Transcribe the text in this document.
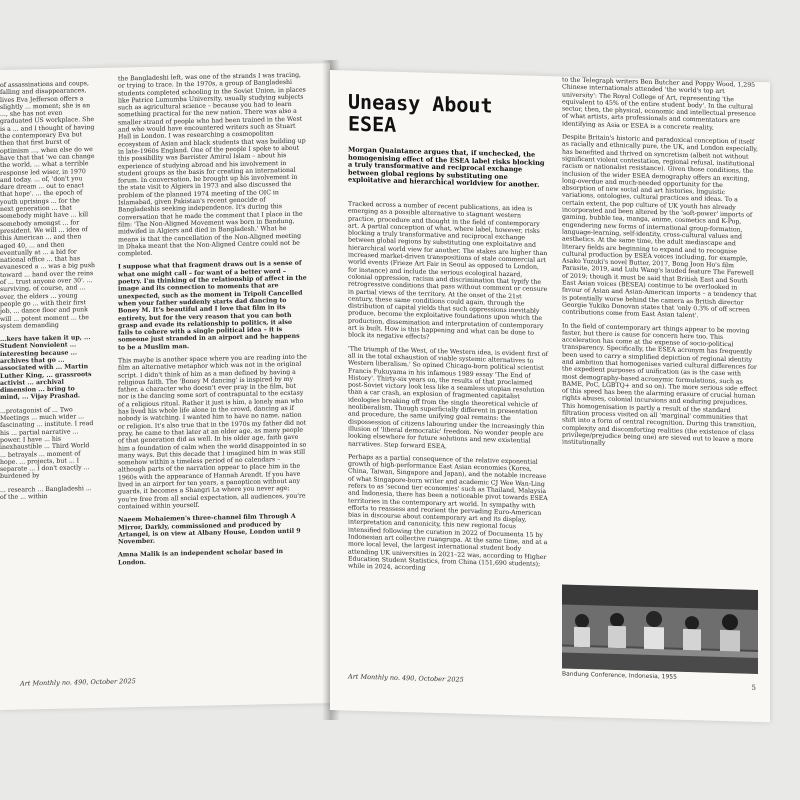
of assassinations and coups, falling and disappearances, lives Eva Jefferson offers a slightly ... moment; she is an ..., she has not even graduated US workplace. She is a ... and I thought of having the contemporary Eva but then that first burst of optimism ..., when else do we have that that 'we can change the world, ... what a terrible response led wiser, in 1970 and today. ... of, 'don't you dare dream ... out to enact that hope'. ... the epoch of youth uprisings ... for the next generation ... that somebody might have ... kill somebody amongst ... for president. We will ... idea of this American ... and then aged 40, ... and then eventually at ... a bid for national office ... that has evanesced a ... was a big push toward ... hand over the reins of ... trust anyone over 30'. ... surviving, of course, and ... over, the elders ... young people go ... with their first job, ... dance floor and punk will ... potent moment ... the system demanding

...kers have taken it up, ... Student Nonviolent ... interesting because ... archives that go ... associated with ... Martin Luther King, ... grassroots activist ... archival dimension ... bring to mind, ... Vijay Prashad.

...protagonist of ... Two Meetings ... much wider ... fascinating ... institute. I read his ... partial narrative ... power. I have ... his inexhaustible ... Third World ... betrayals ... moment of hope. ... projects, but ... I separate ... I don't exactly ... burdened by

... research ... Bangladeshi ... of the ... within

the Bangladeshi left, was one of the strands I was tracing, or trying to trace. In the 1970s, a group of Bangladeshi students completed schooling in the Soviet Union, in places like Patrice Lumumba University, usually studying subjects such as agricultural science – because you had to learn something practical for the new nation. There was also a smaller strand of people who had been trained in the West and who would have encountered writers such as Stuart Hall in London. I was researching a cosmopolitan ecosystem of Asian and black students that was building up in late-1960s England. One of the people I spoke to about this possibility was Barrister Amirul Islam – about his experience of studying abroad and his involvement in student groups as the basis for creating an international forum. In conversation, he brought up his involvement in the state visit to Algiers in 1973 and also discussed the problem of the planned 1974 meeting of the OIC in Islamabad, given Pakistan's recent genocide of Bangladeshis seeking independence. It's during this conversation that he made the comment that I place in the film: 'The Non-Aligned Movement was born in Bandung, midwifed in Algiers and died in Bangladesh.' What he means is that the cancellation of the Non-Aligned meeting in Dhaka meant that the Non-Aligned Centre could not be completed.

I suppose what that fragment draws out is a sense of what one might call – for want of a better word – poetry. I'm thinking of the relationship of affect in the image and its connection to moments that are unexpected, such as the moment in Tripoli Cancelled when your father suddenly starts dad dancing to Boney M. It's beautiful and I love that film in its entirety, but for the very reason that you can both grasp and evade its relationship to politics, it also fails to cohere with a single political idea – it is someone just stranded in an airport and he happens to be a Muslim man.

This maybe is another space where you are reading into the film an alternative metaphor which was not in the original script. I didn't think of him as a man defined by having a religious faith. The 'Boney M dancing' is inspired by my father, a character who doesn't ever pray in the film, but nor is the dancing some sort of contrapuntal to the ecstasy of a religious ritual. Rather it just is him, a lonely man who has lived his whole life alone in the crowd, dancing as if nobody is watching. I wanted him to have no name, nation or religion. It's also true that in the 1970s my father did not pray, he came to that later at an older age, as many people of that generation did as well. In his older age, faith gave him a foundation of calm when the world disappointed in so many ways. But this decade that I imagined him in was still somehow within a timeless period of no calendars – although parts of the narration appear to place him in the 1960s with the appearance of Hannah Arendt. If you have lived in an airport for ten years, a panopticon without any guards, it becomes a Shangri La where you never age; you're free from all social expectation, all audiences, you're contained within yourself.

Naeem Mohaiemen's three-channel film Through A Mirror, Darkly, commissioned and produced by Artangel, is on view at Albany House, London until 9 November.

Amna Malik is an independent scholar based in London.

Art Monthly no. 490, October 2025
Uneasy About ESEA
Morgan Quaintance argues that, if unchecked, the homogenising effect of the ESEA label risks blocking a truly transformative and reciprocal exchange between global regions by substituting one exploitative and hierarchical worldview for another.

Tracked across a number of recent publications, an idea is emerging as a possible alternative to stagnant western practice, procedure and thought in the field of contemporary art. A partial conception of what, where label, however, risks blocking a truly transformative and reciprocal exchange between global regions by substituting one exploitative and hierarchical world view for another. The stakes are higher than increased market-driven transpositions of stale commercial art world events (Frieze Art Fair in Seoul as opposed to London, for instance) and include the serious ecological hazard, colonial oppression, racism and discrimination that typify the retrogressive conditions that pass without comment or censure in partial views of the territory. At the onset of the 21st century, these same conditions could again, through the distribution of capital yields that such oppressions inevitably produce, become the exploitative foundations upon which the production, dissemination and interpretation of contemporary art is built. How is this happening and what can be done to block its negative effects?

'The triumph of the West, of the Western idea, is evident first of all in the total exhaustion of viable systemic alternatives to Western liberalism.' So opined Chicago-born political scientist Francis Fukuyama in his infamous 1989 essay 'The End of History'. Thirty-six years on, the results of that proclaimed post-Soviet victory look less like a seamless utopian resolution than a car crash, an explosion of fragmented capitalist ideologies breaking off from the single theoretical vehicle of neoliberalism. Though superficially different in presentation and procedure, the same unifying goal remains: the dispossession of citizens labouring under the increasingly thin illusion of 'liberal democratic' freedom. No wonder people are looking elsewhere for future solutions and new existential narratives. Step forward ESEA.

Perhaps as a partial consequence of the relative exponential growth of high-performance East Asian economies (Korea, China, Taiwan, Singapore and Japan), and the notable increase of what Singapore-born writer and academic CJ Wee Wan-Ling refers to as 'second tier economies' such as Thailand, Malaysia and Indonesia, there has been a noticeable pivot towards ESEA territories in the contemporary art world. In sympathy with efforts to reassess and reorient the pervading Euro-American bias in discourse about contemporary art and its display, interpretation and canonicity, this new regional focus intensified following the curation in 2022 of Documenta 15 by Indonesian art collective ruangrupa. At the same time, and at a more local level, the largest international student body attending UK universities in 2021–22 was, according to Higher Education Student Statistics, from China (151,690 students); while in 2024, according

to the Telegraph writers Ben Butcher and Poppy Wood, 1,295 Chinese internationals attended 'the world's top art university': The Royal College of Art, representing 'the equivalent to 45% of the entire student body'. In the cultural sector, then, the physical, economic and intellectual presence of what artists, arts professionals and commentators are identifying as Asia or ESEA is a concrete reality.

Despite Britain's historic and paradoxical conception of itself as racially and ethnically pure, the UK, and London especially, has benefited and thrived on syncretism (albeit not without significant violent contestation, regional refusal, institutional racism or nationalist resistance). Given those conditions, the inclusion of the wider ESEA demography offers an exciting, long-overdue and much-needed opportunity for the absorption of new social and art histories, linguistic variations, ontologies, cultural practices and ideas. To a certain extent, the pop culture of UK youth has already incorporated and been altered by the 'soft-power' imports of gaming, bubble tea, manga, anime, cosmetics and K-Pop, engendering new forms of international group-formation, language-learning, self-identity, cross-cultural values and aesthetics. At the same time, the adult mediascape and literary fields are beginning to expand and to recognise cultural production by ESEA voices including, for example, Asako Yuzuki's novel Butter, 2017, Bong Joon Ho's film Parasite, 2019, and Lulu Wang's lauded feature The Farewell of 2019; though it must be said that British East and South East Asian voices (BESEA) continue to be overlooked in favour of Asian and Asian-American imports – a tendency that is potentially worse behind the camera as British director Georgie Yukiko Donovan states that 'only 0.3% of off screen contributions come from East Asian talent'.

In the field of contemporary art things appear to be moving faster, but there is cause for concern here too. This acceleration has come at the expense of socio-political transparency. Specifically, the ESEA acronym has frequently been used to carry a simplified depiction of regional identity and ambition that homogenises varied cultural differences for the expedient purposes of unification (as is the case with most demography-based acronymic formulations, such as BAME, PoC, LGBTQ+ and so on). The more serious side effect of this speed has been the alarming erasure of crucial human rights abuses, colonial incursions and enduring prejudices. This homogenisation is partly a result of the standard filtration process visited on all 'marginal' communities that shift into a form of central recognition. During this transition, complexity and discomforting realities (the existence of class privilege/prejudice being one) are sieved out to leave a more institutionally

Bandung Conference, Indonesia, 1955
Art Monthly no. 490, October 2025
5
